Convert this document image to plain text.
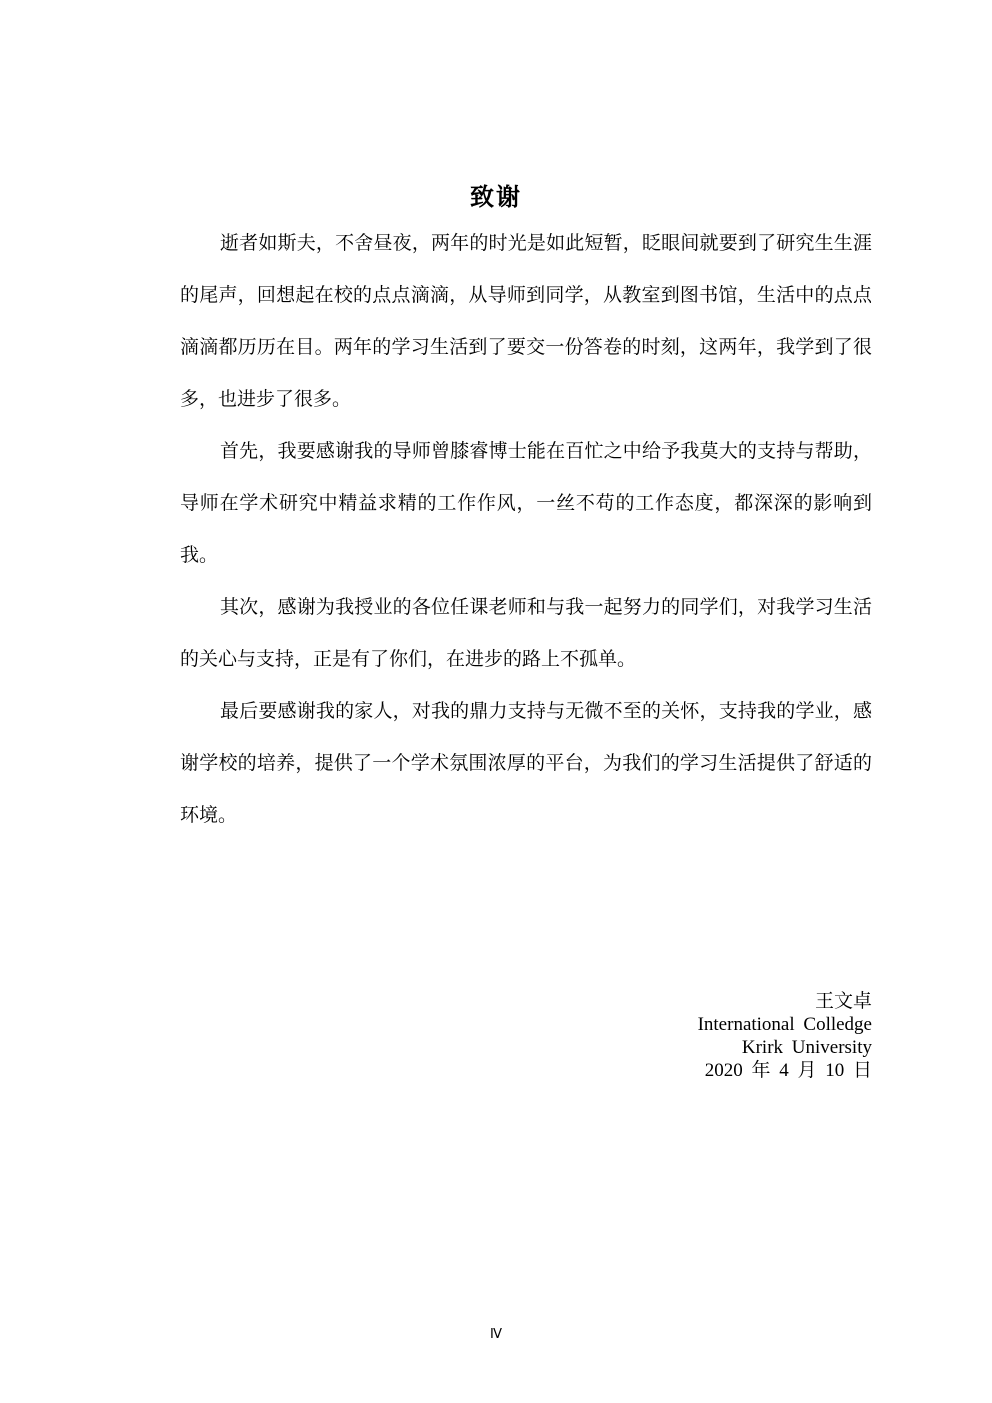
致谢

逝者如斯夫，不舍昼夜，两年的时光是如此短暂，眨眼间就要到了研究生生涯的尾声，回想起在校的点点滴滴，从导师到同学，从教室到图书馆，生活中的点点滴滴都历历在目。两年的学习生活到了要交一份答卷的时刻，这两年，我学到了很多，也进步了很多。

首先，我要感谢我的导师曾膝睿博士能在百忙之中给予我莫大的支持与帮助，导师在学术研究中精益求精的工作作风，一丝不苟的工作态度，都深深的影响到我。

其次，感谢为我授业的各位任课老师和与我一起努力的同学们，对我学习生活的关心与支持，正是有了你们，在进步的路上不孤单。

最后要感谢我的家人，对我的鼎力支持与无微不至的关怀，支持我的学业，感谢学校的培养，提供了一个学术氛围浓厚的平台，为我们的学习生活提供了舒适的环境。

王文卓
International Colledge
Krirk University
2020 年 4 月 10 日
Ⅳ
